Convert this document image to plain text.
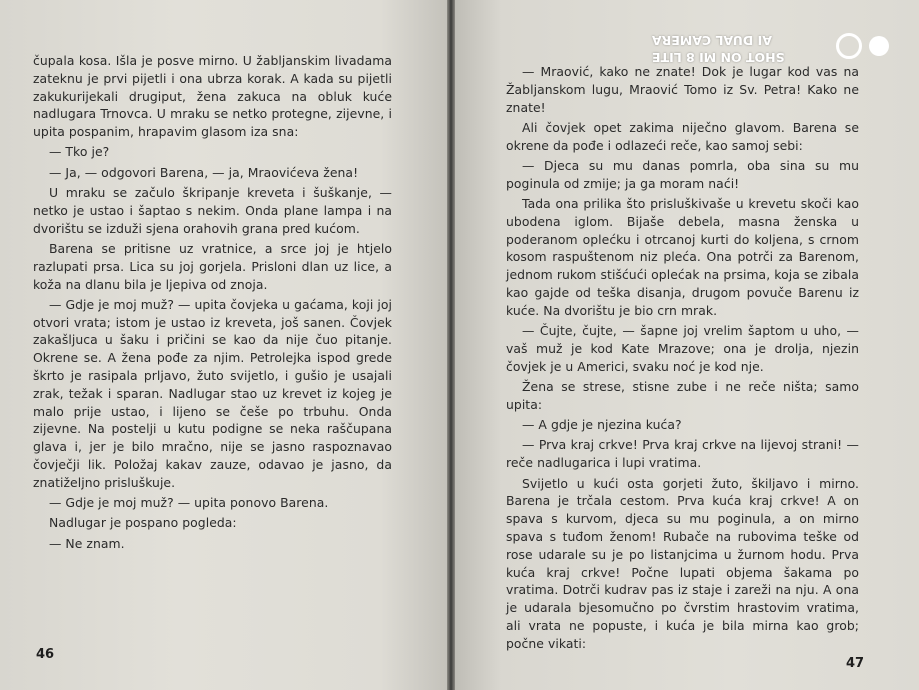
čupala kosa. Išla je posve mirno. U žabljanskim livadama zateknu je prvi pijetli i ona ubrza korak. A kada su pijetli zakukurijekali drugiput, žena zakuca na obluk kuće nadlugara Trnovca. U mraku se netko protegne, zijevne, i upita pospanim, hrapavim glasom iza sna:

— Tko je?

— Ja, — odgovori Barena, — ja, Mraovićeva žena!

U mraku se začulo škripanje kreveta i šuškanje, — netko je ustao i šaptao s nekim. Onda plane lampa i na dvorištu se izduži sjena orahovih grana pred kućom.

Barena se pritisne uz vratnice, a srce joj je htjelo razlupati prsa. Lica su joj gorjela. Prisloni dlan uz lice, a koža na dlanu bila je ljepiva od znoja.

— Gdje je moj muž? — upita čovjeka u gaćama, koji joj otvori vrata; istom je ustao iz kreveta, još sanen. Čovjek zakašljuca u šaku i pričini se kao da nije čuo pitanje. Okrene se. A žena pođe za njim. Petrolejka ispod grede škrto je rasipala prljavo, žuto svijetlo, i gušio je usajali zrak, težak i sparan. Nadlugar stao uz krevet iz kojeg je malo prije ustao, i lijeno se češe po trbuhu. Onda zijevne. Na postelji u kutu podigne se neka raščupana glava i, jer je bilo mračno, nije se jasno raspoznavao čovječji lik. Položaj kakav zauze, odavao je jasno, da znatiželjno prisluškuje.

— Gdje je moj muž? — upita ponovo Barena.

Nadlugar je pospano pogleda:

— Ne znam.

46

— Mraović, kako ne znate! Dok je lugar kod vas na Žabljanskom lugu, Mraović Tomo iz Sv. Petra! Kako ne znate!

Ali čovjek opet zakima niječno glavom. Barena se okrene da pođe i odlazeći reče, kao samoj sebi:

— Djeca su mu danas pomrla, oba sina su mu poginula od zmije; ja ga moram naći!

Tada ona prilika što prisluškivaše u krevetu skoči kao ubodena iglom. Bijaše debela, masna ženska u poderanom oplećku i otrcanoj kurti do koljena, s crnom kosom raspuštenom niz pleća. Ona potrči za Barenom, jednom rukom stišćući oplećak na prsima, koja se zibala kao gajde od teška disanja, drugom povuče Barenu iz kuće. Na dvorištu je bio crn mrak.

— Čujte, čujte, — šapne joj vrelim šaptom u uho, — vaš muž je kod Kate Mrazove; ona je drolja, njezin čovjek je u Americi, svaku noć je kod nje.

Žena se strese, stisne zube i ne reče ništa; samo upita:

— A gdje je njezina kuća?

— Prva kraj crkve! Prva kraj crkve na lijevoj strani! — reče nadlugarica i lupi vratima.

Svijetlo u kući osta gorjeti žuto, škiljavo i mirno. Barena je trčala cestom. Prva kuća kraj crkve! A on spava s kurvom, djeca su mu poginula, a on mirno spava s tuđom ženom! Rubače na rubovima teške od rose udarale su je po listanjcima u žurnom hodu. Prva kuća kraj crkve! Počne lupati objema šakama po vratima. Dotrči kudrav pas iz staje i zareži na nju. A ona je udarala bjesomučno po čvrstim hrastovim vratima, ali vrata ne popuste, i kuća je bila mirna kao grob; počne vikati:

47
SHOT ON MI 8 LITE
AI DUAL CAMERA
